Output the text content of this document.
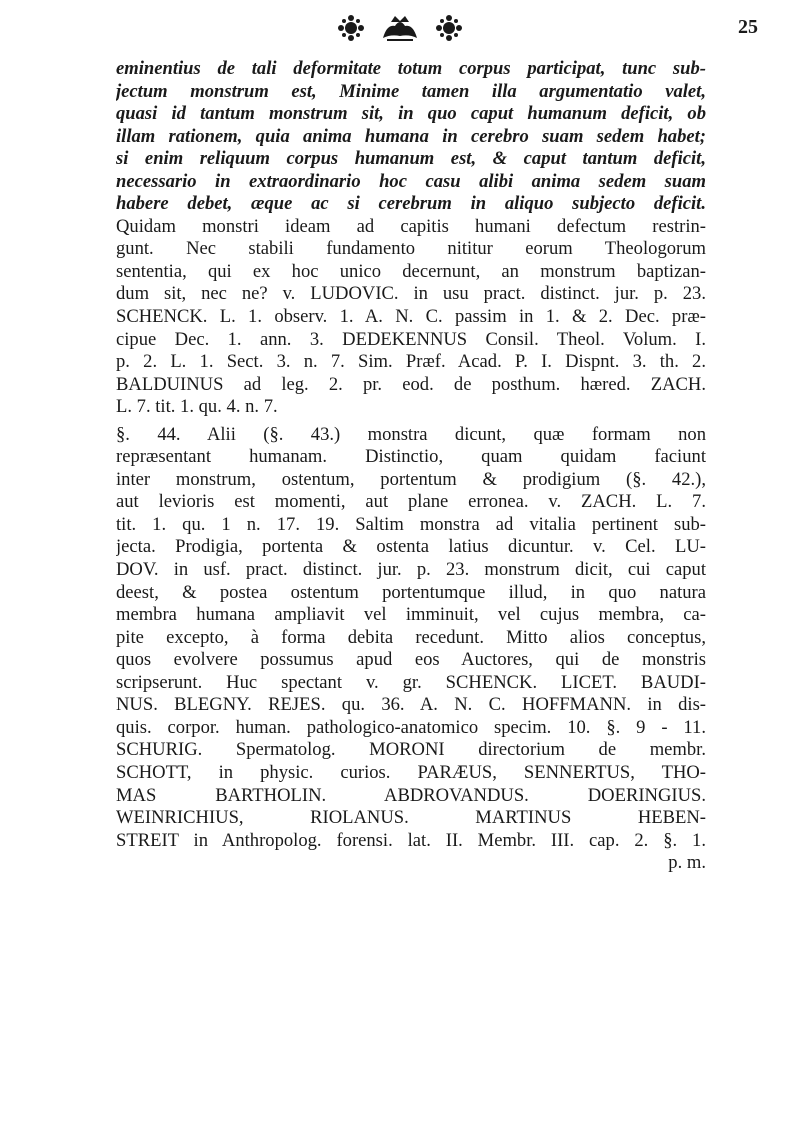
25
eminentius de tali deformitate totum corpus participat, tunc sub-
jectum monstrum est, Minime tamen illa argumentatio valet,
quasi id tantum monstrum sit, in quo caput humanum deficit, ob
illam rationem, quia anima humana in cerebro suam sedem habet;
si enim reliquum corpus humanum est, & caput tantum deficit,
necessario in extraordinario hoc casu alibi anima sedem suam
habere debet, æque ac si cerebrum in aliquo subjecto deficit.
Quidam monstri ideam ad capitis humani defectum restrin-
gunt. Nec stabili fundamento nititur eorum Theologorum
sententia, qui ex hoc unico decernunt, an monstrum baptizan-
dum sit, nec ne? v. LUDOVIC. in usu pract. distinct. jur. p. 23.
SCHENCK. L. 1. observ. 1. A. N. C. passim in 1. & 2. Dec. præ-
cipue Dec. 1. ann. 3. DEDEKENNUS Consil. Theol. Volum. I.
p. 2. L. 1. Sect. 3. n. 7. Sim. Præf. Acad. P. I. Dispnt. 3. th. 2.
BALDUINUS ad leg. 2. pr. eod. de posthum. hæred. ZACH.
L. 7. tit. 1. qu. 4. n. 7.
§. 44. Alii (§. 43.) monstra dicunt, quæ formam non
repræsentant humanam. Distinctio, quam quidam faciunt
inter monstrum, ostentum, portentum & prodigium (§. 42.),
aut levioris est momenti, aut plane erronea. v. ZACH. L. 7.
tit. 1. qu. 1 n. 17. 19. Saltim monstra ad vitalia pertinent sub-
jecta. Prodigia, portenta & ostenta latius dicuntur. v. Cel. LU-
DOV. in usf. pract. distinct. jur. p. 23. monstrum dicit, cui caput
deest, & postea ostentum portentumque illud, in quo natura
membra humana ampliavit vel imminuit, vel cujus membra, ca-
pite excepto, à forma debita recedunt. Mitto alios conceptus,
quos evolvere possumus apud eos Auctores, qui de monstris
scripserunt. Huc spectant v. gr. SCHENCK. LICET. BAUDI-
NUS. BLEGNY. REJES. qu. 36. A. N. C. HOFFMANN. in dis-
quis. corpor. human. pathologico-anatomico specim. 10. §. 9 - 11.
SCHURIG. Spermatolog. MORONI directorium de membr.
SCHOTT, in physic. curios. PARÆUS, SENNERTUS, THO-
MAS BARTHOLIN. ABDROVANDUS. DOERINGIUS.
WEINRICHIUS, RIOLANUS. MARTINUS HEBEN-
STREIT in Anthropolog. forensi. lat. II. Membr. III. cap. 2. §. 1.
p. m.
